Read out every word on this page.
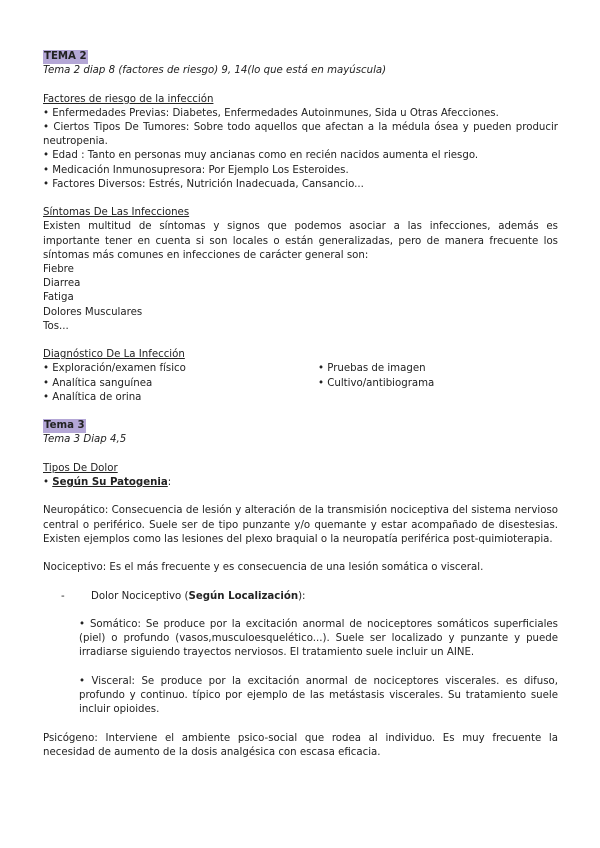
TEMA 2
Tema 2 diap 8 (factores de riesgo) 9, 14(lo que está en mayúscula)
Factores de riesgo de la infección
• Enfermedades Previas: Diabetes, Enfermedades Autoinmunes, Sida u Otras Afecciones.
• Ciertos Tipos De Tumores: Sobre todo aquellos que afectan a la médula ósea y pueden producir neutropenia.
• Edad : Tanto en personas muy ancianas como en recién nacidos aumenta el riesgo.
• Medicación Inmunosupresora: Por Ejemplo Los Esteroides.
• Factores Diversos: Estrés, Nutrición Inadecuada, Cansancio...
Síntomas De Las Infecciones
Existen multitud de síntomas y signos que podemos asociar a las infecciones, además es importante tener en cuenta si son locales o están generalizadas, pero de manera frecuente los síntomas más comunes en infecciones de carácter general son:
Fiebre
Diarrea
Fatiga
Dolores Musculares
Tos...
Diagnóstico De La Infección
• Exploración/examen físico
• Analítica sanguínea
• Analítica de orina
• Pruebas de imagen
• Cultivo/antibiograma
Tema 3
Tema 3 Diap 4,5
Tipos De Dolor
• Según Su Patogenia:
Neuropático: Consecuencia de lesión y alteración de la transmisión nociceptiva del sistema nervioso central o periférico. Suele ser de tipo punzante y/o quemante y estar acompañado de disestesias. Existen ejemplos como las lesiones del plexo braquial o la neuropatía periférica post-quimioterapia.
Nociceptivo: Es el más frecuente y es consecuencia de una lesión somática o visceral.
-	Dolor Nociceptivo (Según Localización):
• Somático: Se produce por la excitación anormal de nociceptores somáticos superficiales (piel) o profundo (vasos,musculoesquelético...). Suele ser localizado y punzante y puede irradiarse siguiendo trayectos nerviosos. El tratamiento suele incluir un AINE.
• Visceral: Se produce por la excitación anormal de nociceptores viscerales. es difuso, profundo y continuo. típico por ejemplo de las metástasis viscerales. Su tratamiento suele incluir opioides.
Psicógeno: Interviene el ambiente psico-social que rodea al individuo. Es muy frecuente la necesidad de aumento de la dosis analgésica con escasa eficacia.
